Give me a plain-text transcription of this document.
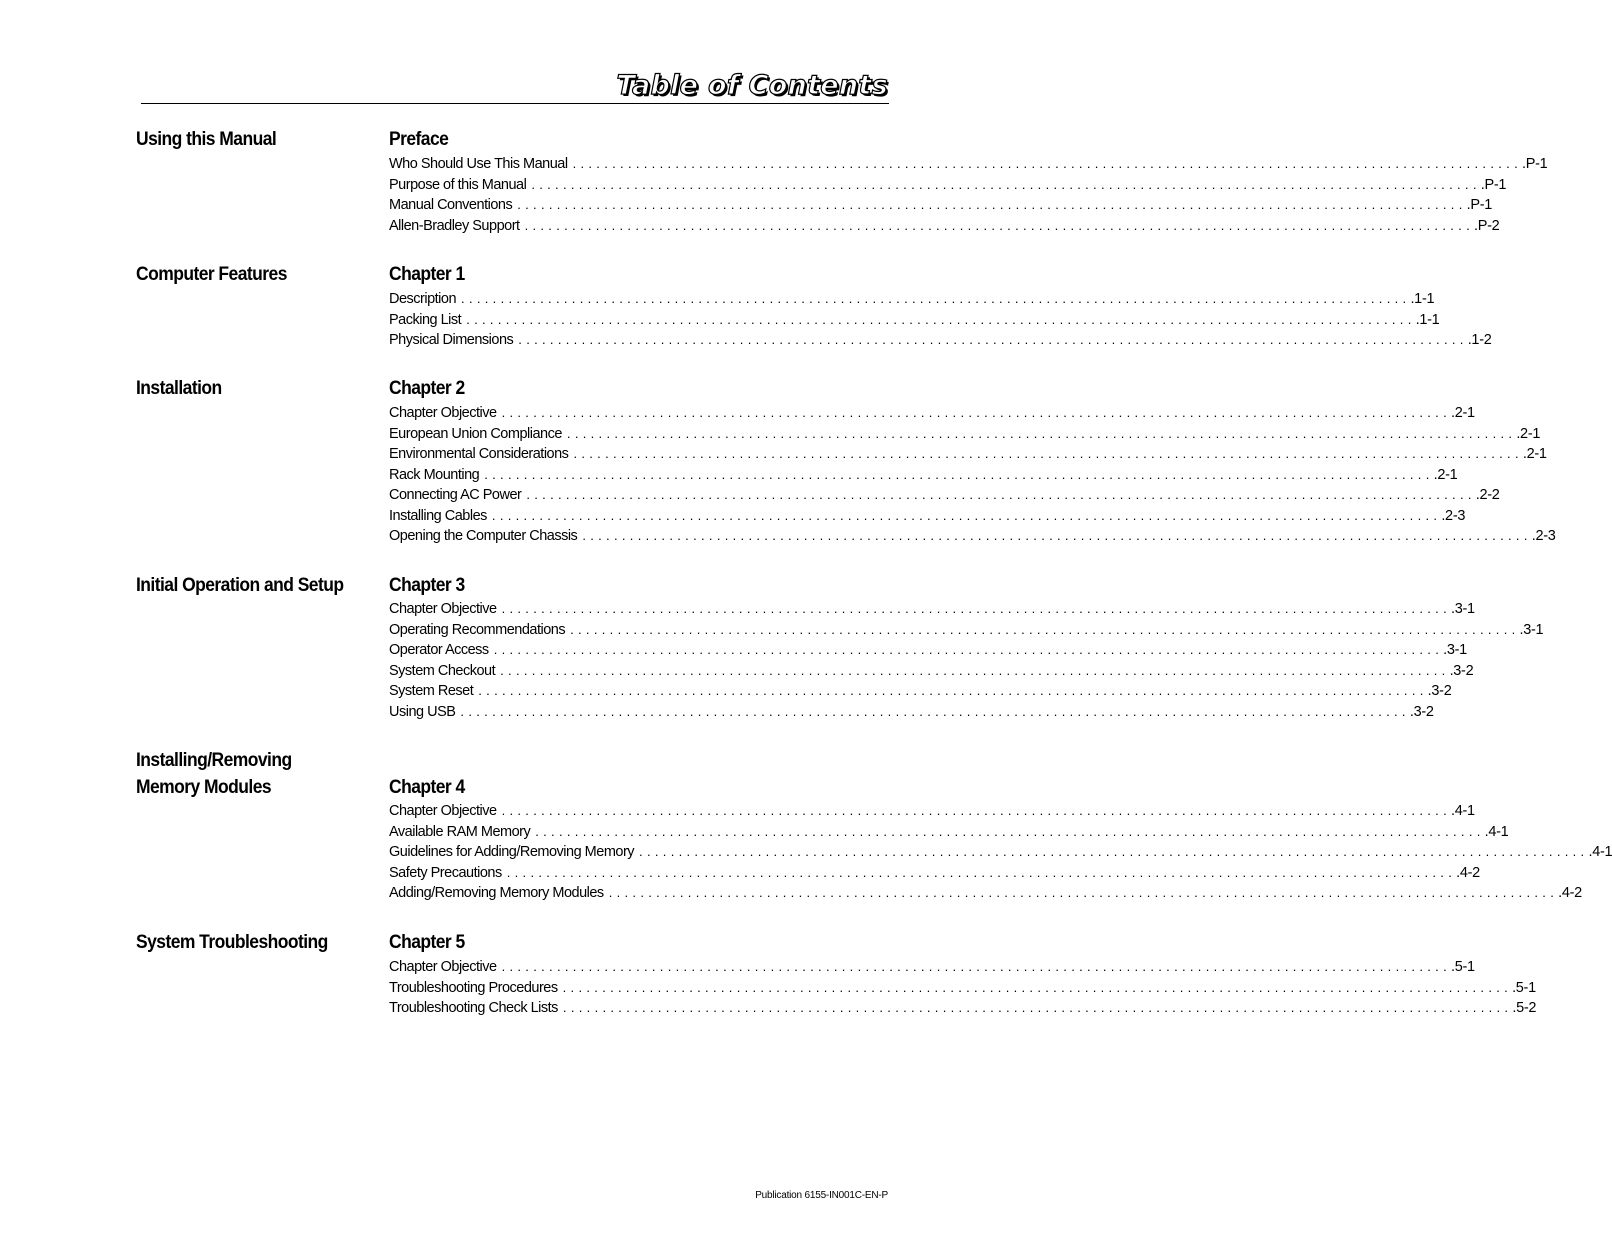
Table of Contents
Using this Manual	Preface
Who Should Use This Manual ........................................................................................................................ .P-1
Purpose of this Manual ........................................................................................................................ .P-1
Manual Conventions ........................................................................................................................ .P-1
Allen-Bradley Support ........................................................................................................................ .P-2
Computer Features	Chapter 1
Description ........................................................................................................................ .1-1
Packing List ........................................................................................................................ .1-1
Physical Dimensions ........................................................................................................................ .1-2
Installation	Chapter 2
Chapter Objective ........................................................................................................................ .2-1
European Union Compliance ........................................................................................................................ .2-1
Environmental Considerations ........................................................................................................................ .2-1
Rack Mounting ........................................................................................................................ .2-1
Connecting AC Power ........................................................................................................................ .2-2
Installing Cables ........................................................................................................................ .2-3
Opening the Computer Chassis ........................................................................................................................ .2-3
Initial Operation and Setup Chapter 3
Chapter Objective ........................................................................................................................ .3-1
Operating Recommendations ........................................................................................................................ .3-1
Operator Access ........................................................................................................................ .3-1
System Checkout ........................................................................................................................ .3-2
System Reset ........................................................................................................................ .3-2
Using USB ........................................................................................................................ .3-2
Installing/Removing
Memory Modules	Chapter 4
Chapter Objective ........................................................................................................................ .4-1
Available RAM Memory ........................................................................................................................ .4-1
Guidelines for Adding/Removing Memory ........................................................................................................................ .4-1
Safety Precautions ........................................................................................................................ .4-2
Adding/Removing Memory Modules ........................................................................................................................ .4-2
System Troubleshooting	Chapter 5
Chapter Objective ........................................................................................................................ .5-1
Troubleshooting Procedures ........................................................................................................................ .5-1
Troubleshooting Check Lists ........................................................................................................................ .5-2
Publication 6155-IN001C-EN-P
